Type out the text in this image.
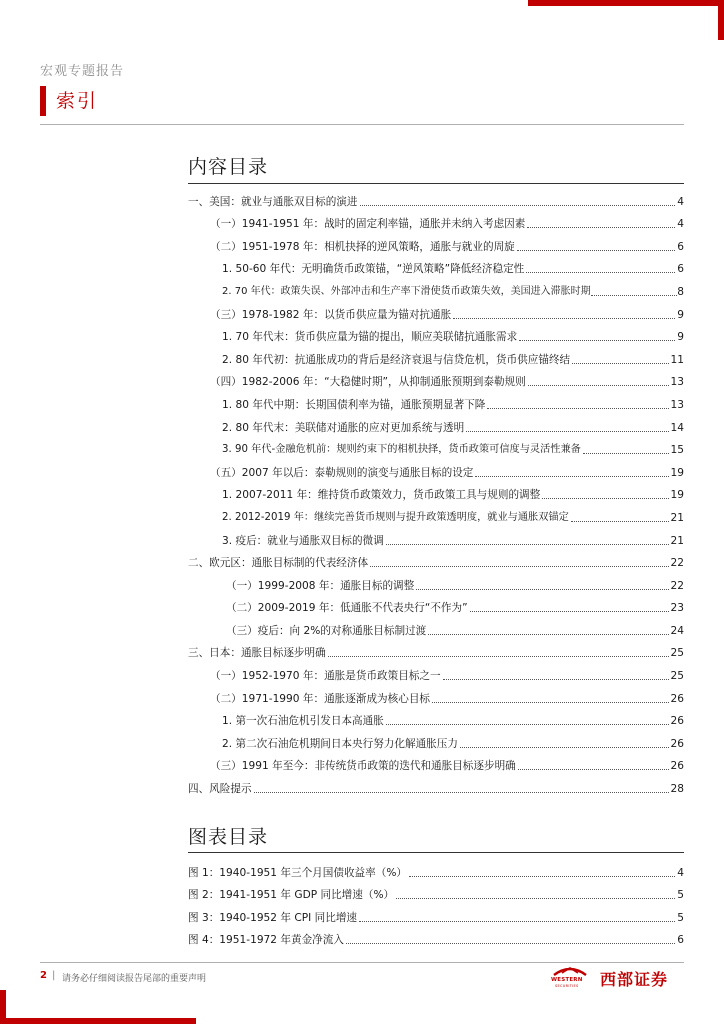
宏观专题报告
索引
内容目录
一、美国：就业与通胀双目标的演进	4
（一）1941-1951 年：战时的固定利率锚，通胀并未纳入考虑因素	4
（二）1951-1978 年：相机抉择的逆风策略，通胀与就业的周旋	6
1. 50-60 年代：无明确货币政策锚，“逆风策略”降低经济稳定性	6
2. 70 年代：政策失误、外部冲击和生产率下滑使货币政策失效，美国进入滞胀时期	8
（三）1978-1982 年：以货币供应量为锚对抗通胀	9
1. 70 年代末：货币供应量为锚的提出，顺应美联储抗通胀需求	9
2. 80 年代初：抗通胀成功的背后是经济衰退与信贷危机，货币供应锚终结	11
（四）1982-2006 年：“大稳健时期”，从抑制通胀预期到泰勒规则	13
1. 80 年代中期：长期国债利率为锚，通胀预期显著下降	13
2. 80 年代末：美联储对通胀的应对更加系统与透明	14
3. 90 年代-金融危机前：规则约束下的相机抉择，货币政策可信度与灵活性兼备	15
（五）2007 年以后：泰勒规则的演变与通胀目标的设定	19
1. 2007-2011 年：维持货币政策效力，货币政策工具与规则的调整	19
2. 2012-2019 年：继续完善货币规则与提升政策透明度，就业与通胀双锚定	21
3. 疫后：就业与通胀双目标的微调	21
二、欧元区：通胀目标制的代表经济体	22
（一）1999-2008 年：通胀目标的调整	22
（二）2009-2019 年：低通胀不代表央行“不作为”	23
（三）疫后：向 2%的对称通胀目标制过渡	24
三、日本：通胀目标逐步明确	25
（一）1952-1970 年：通胀是货币政策目标之一	25
（二）1971-1990 年：通胀逐渐成为核心目标	26
1. 第一次石油危机引发日本高通胀	26
2. 第二次石油危机期间日本央行努力化解通胀压力	26
（三）1991 年至今：非传统货币政策的迭代和通胀目标逐步明确	26
四、风险提示	28
图表目录
图 1：1940-1951 年三个月国债收益率（%）	4
图 2：1941-1951 年 GDP 同比增速（%）	5
图 3：1940-1952 年 CPI 同比增速	5
图 4：1951-1972 年黄金净流入	6
2 | 请务必仔细阅读报告尾部的重要声明	WESTERN
SECURITIES 西部证券
